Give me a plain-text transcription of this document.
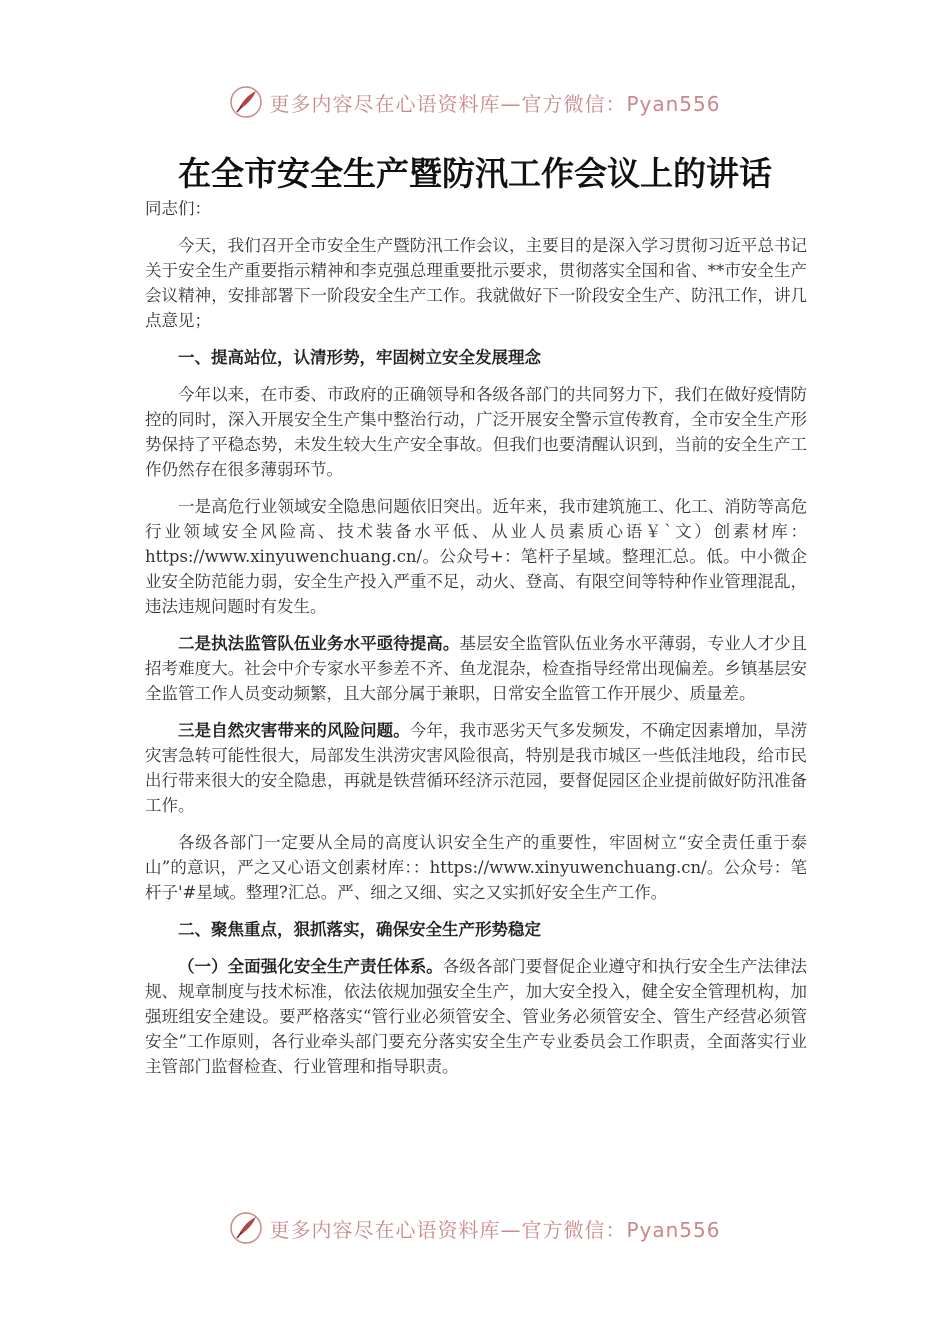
更多内容尽在心语资料库—官方微信：Pyan556
在全市安全生产暨防汛工作会议上的讲话

同志们：

今天，我们召开全市安全生产暨防汛工作会议，主要目的是深入学习贯彻习近平总书记关于安全生产重要指示精神和李克强总理重要批示要求，贯彻落实全国和省、**市安全生产会议精神，安排部署下一阶段安全生产工作。我就做好下一阶段安全生产、防汛工作，讲几点意见；

一、提高站位，认清形势，牢固树立安全发展理念

今年以来，在市委、市政府的正确领导和各级各部门的共同努力下，我们在做好疫情防控的同时，深入开展安全生产集中整治行动，广泛开展安全警示宣传教育，全市安全生产形势保持了平稳态势，未发生较大生产安全事故。但我们也要清醒认识到，当前的安全生产工作仍然存在很多薄弱环节。

一是高危行业领域安全隐患问题依旧突出。近年来，我市建筑施工、化工、消防等高危行业领域安全风险高、技术装备水平低、从业人员素质心语￥`文）创素材库：https://www.xinyuwenchuang.cn/。公众号+：笔杆子星域。整理汇总。低。中小微企业安全防范能力弱，安全生产投入严重不足，动火、登高、有限空间等特种作业管理混乱，违法违规问题时有发生。

二是执法监管队伍业务水平亟待提高。基层安全监管队伍业务水平薄弱，专业人才少且招考难度大。社会中介专家水平参差不齐、鱼龙混杂，检查指导经常出现偏差。乡镇基层安全监管工作人员变动频繁，且大部分属于兼职，日常安全监管工作开展少、质量差。

三是自然灾害带来的风险问题。今年，我市恶劣天气多发频发，不确定因素增加，旱涝灾害急转可能性很大，局部发生洪涝灾害风险很高，特别是我市城区一些低洼地段，给市民出行带来很大的安全隐患，再就是铁营循环经济示范园，要督促园区企业提前做好防汛准备工作。

各级各部门一定要从全局的高度认识安全生产的重要性，牢固树立“安全责任重于泰山”的意识，严之又心语文创素材库：：https://www.xinyuwenchuang.cn/。公众号：笔杆子'#星域。整理?汇总。严、细之又细、实之又实抓好安全生产工作。

二、聚焦重点，狠抓落实，确保安全生产形势稳定

（一）全面强化安全生产责任体系。各级各部门要督促企业遵守和执行安全生产法律法规、规章制度与技术标准，依法依规加强安全生产，加大安全投入，健全安全管理机构，加强班组安全建设。要严格落实“管行业必须管安全、管业务必须管安全、管生产经营必须管安全”工作原则，各行业牵头部门要充分落实安全生产专业委员会工作职责，全面落实行业主管部门监督检查、行业管理和指导职责。

更多内容尽在心语资料库—官方微信：Pyan556
